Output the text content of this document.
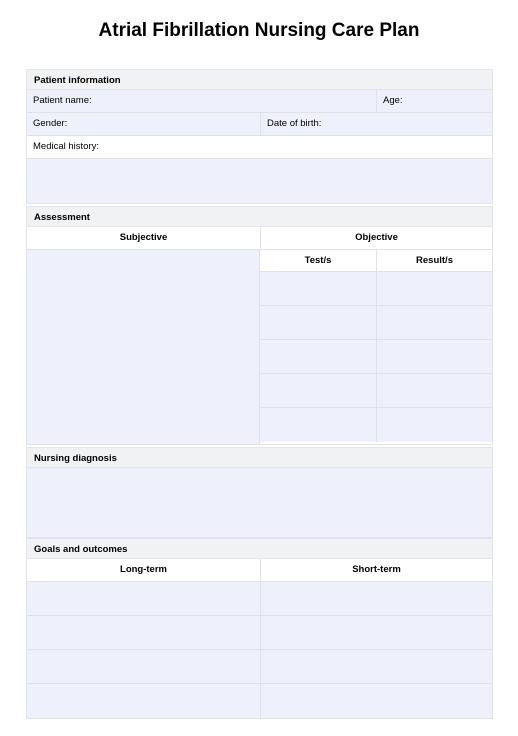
Atrial Fibrillation Nursing Care Plan
Patient information
Patient name:	Age:
Gender:	Date of birth:
Medical history:
Assessment
Subjective	Objective
Test/s	Result/s
Nursing diagnosis
Goals and outcomes
Long-term	Short-term
